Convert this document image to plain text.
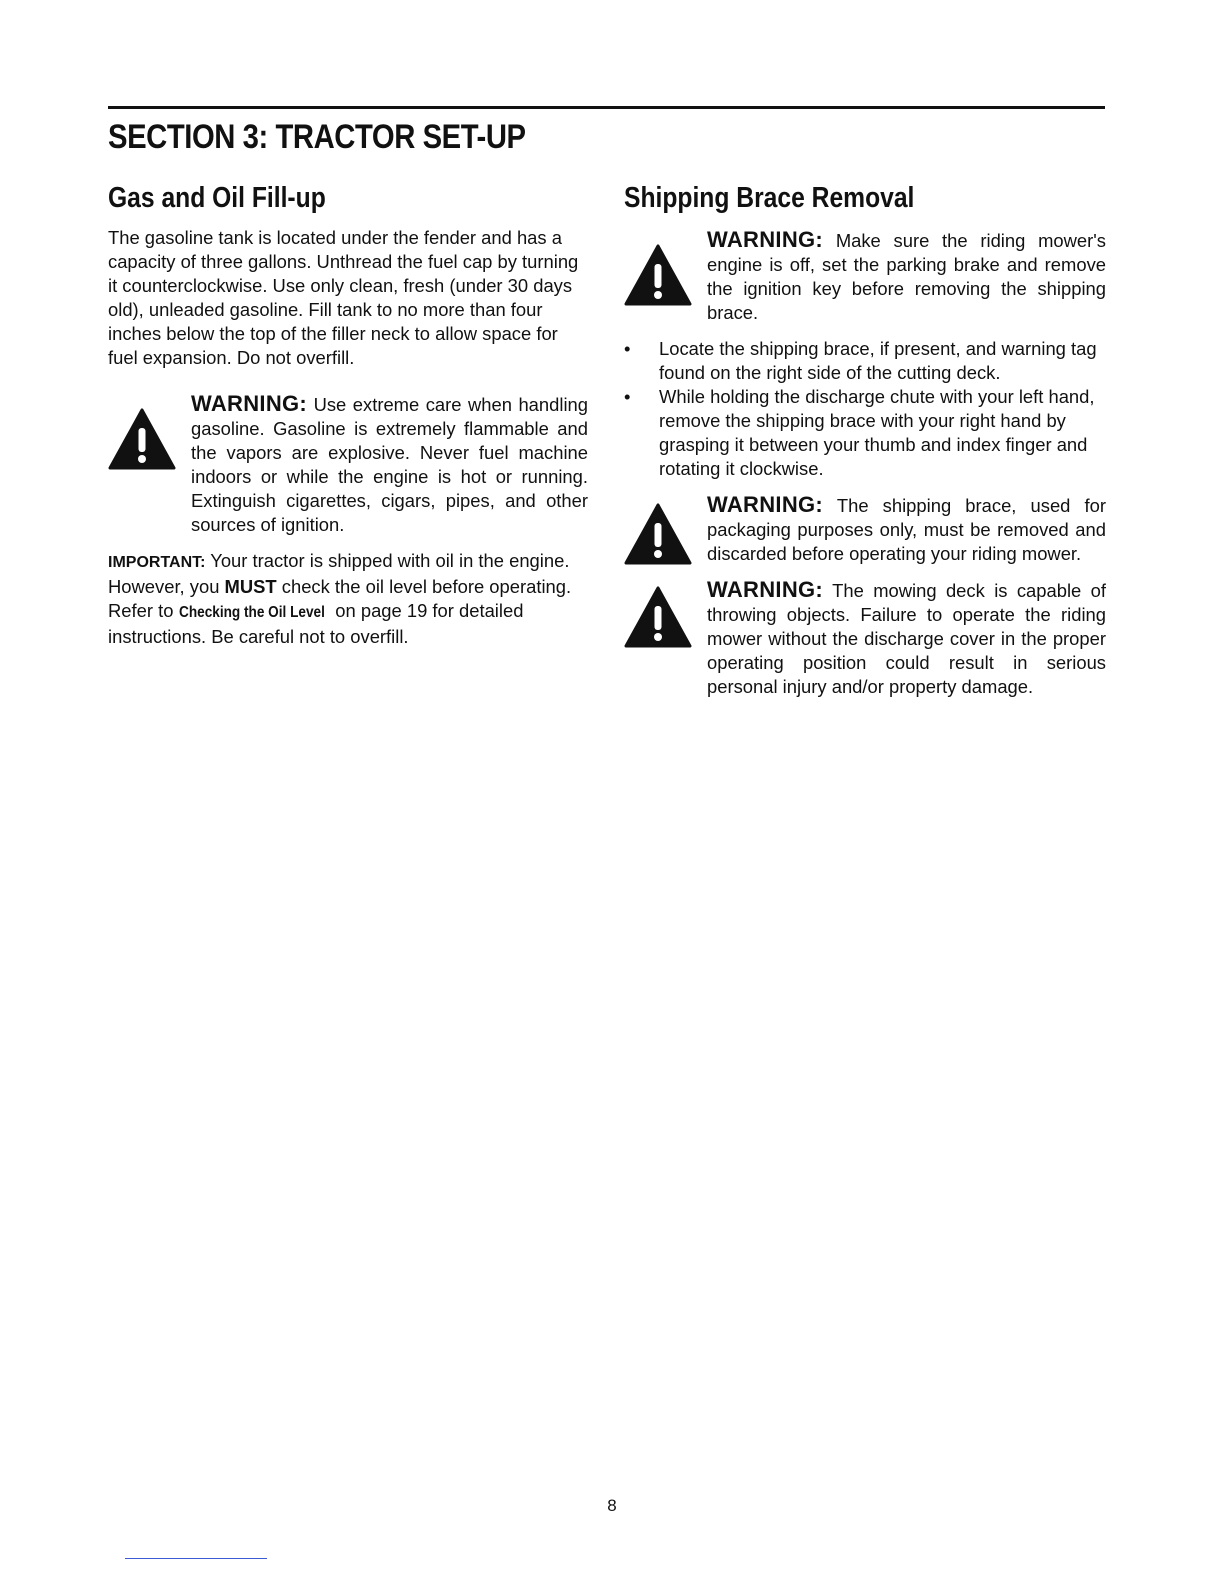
SECTION 3: TRACTOR SET-UP
Gas and Oil Fill-up

The gasoline tank is located under the fender and has a capacity of three gallons. Unthread the fuel cap by turning it counterclockwise. Use only clean, fresh (under 30 days old), unleaded gasoline. Fill tank to no more than four inches below the top of the filler neck to allow space for fuel expansion. Do not overfill.

WARNING: Use extreme care when handling gasoline. Gasoline is extremely flammable and the vapors are explosive. Never fuel machine indoors or while the engine is hot or running. Extinguish cigarettes, cigars, pipes, and other sources of ignition.

IMPORTANT: Your tractor is shipped with oil in the engine. However, you MUST check the oil level before operating. Refer to Checking the Oil Level on page 19 for detailed instructions. Be careful not to overfill.

Shipping Brace Removal
WARNING: Make sure the riding mower's engine is off, set the parking brake and remove the ignition key before removing the shipping brace.
• Locate the shipping brace, if present, and warning tag found on the right side of the cutting deck.
• While holding the discharge chute with your left hand, remove the shipping brace with your right hand by grasping it between your thumb and index finger and rotating it clockwise.
WARNING: The shipping brace, used for packaging purposes only, must be removed and discarded before operating your riding mower.
WARNING: The mowing deck is capable of throwing objects. Failure to operate the riding mower without the discharge cover in the proper operating position could result in serious personal injury and/or property damage.
8
